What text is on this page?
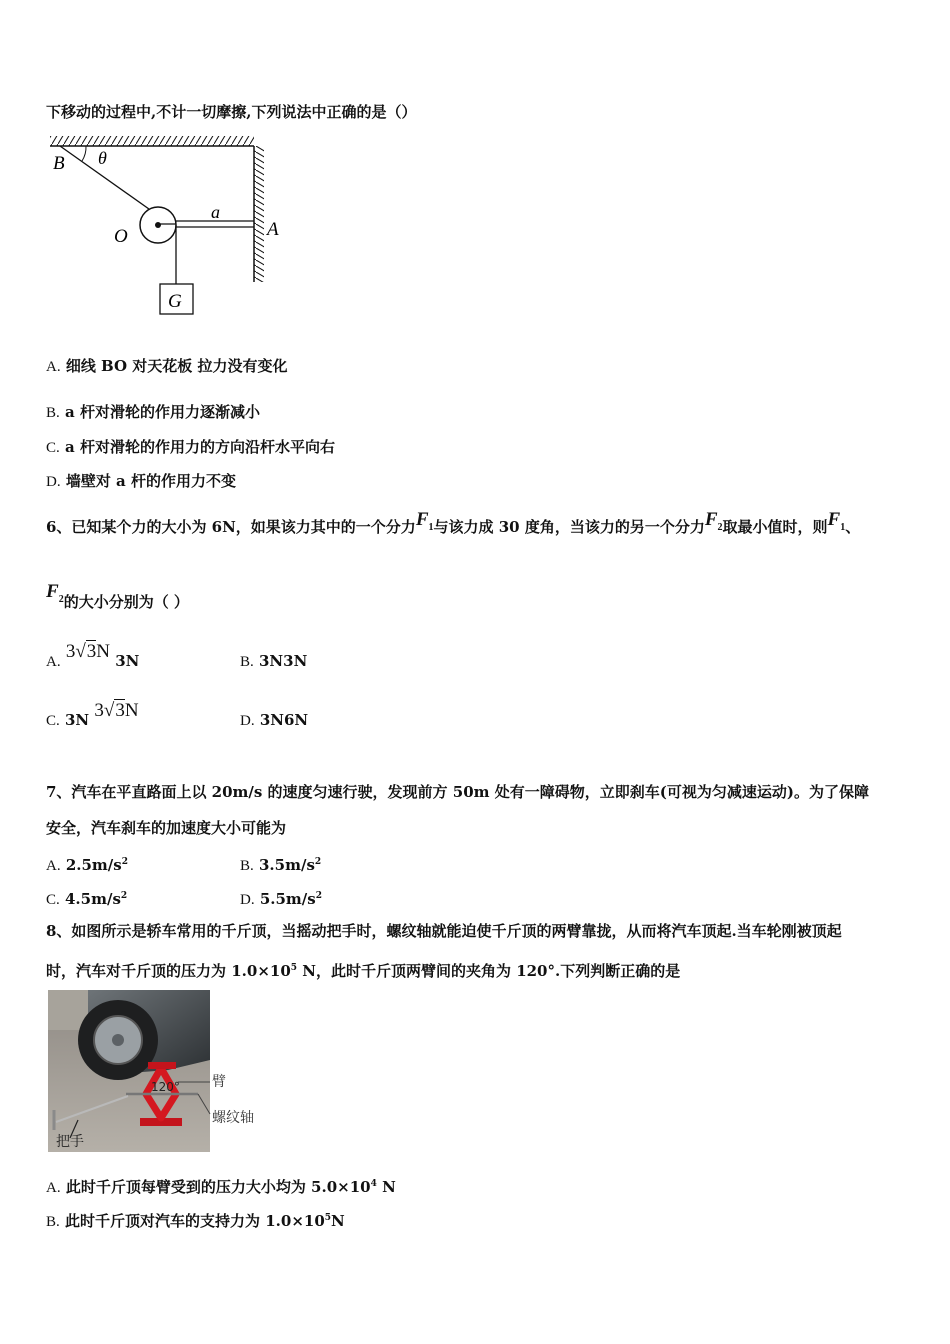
下移动的过程中,不计一切摩擦,下列说法中正确的是（）
B θ
a
O	A
G
A. 细线 BO 对天花板 拉力没有变化
B. a 杆对滑轮的作用力逐渐减小
C. a 杆对滑轮的作用力的方向沿杆水平向右
D. 墙壁对 a 杆的作用力不变
6、已知某个力的大小为 6N，如果该力其中的一个分力$F_1$与该力成 30 度角，当该力的另一个分力$F_2$取最小值时，则$F_1$、
$F_2$的大小分别为（ ）
A. 3√3N 3N	B. 3N3N
C. 3N 3√3N	D. 3N6N
7、汽车在平直路面上以 20m/s 的速度匀速行驶，发现前方 50m 处有一障碍物，立即刹车(可视为匀减速运动)。为了保障
安全，汽车刹车的加速度大小可能为
A. $2.5m/s^2$	B. $3.5m/s^2$
C. $4.5m/s^2$	D. $5.5m/s^2$
8、如图所示是轿车常用的千斤顶，当摇动把手时，螺纹轴就能迫使千斤顶的两臂靠拢，从而将汽车顶起.当车轮刚被顶起
时，汽车对千斤顶的压力为 $1.0\times 10^5$ N，此时千斤顶两臂间的夹角为 120°.下列判断正确的是
120° 臂
螺纹轴
把手
A. 此时千斤顶每臂受到的压力大小均为 $5.0\times 10^4$ N
B. 此时千斤顶对汽车的支持力为 $1.0\times 10^5N$
